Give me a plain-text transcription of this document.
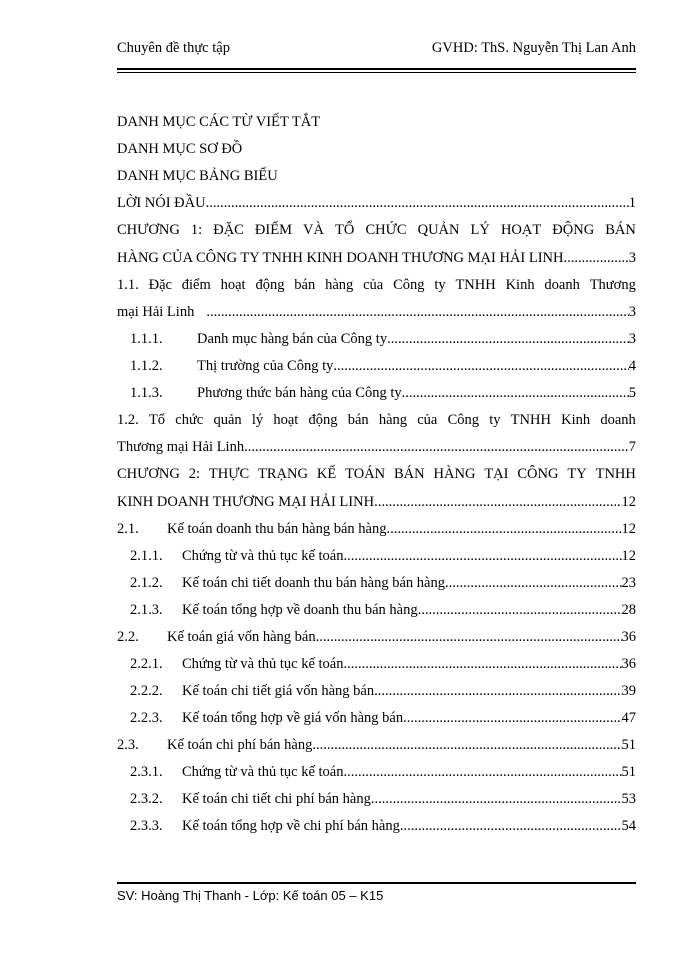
Chuyên đề thực tập	GVHD: ThS. Nguyễn Thị Lan Anh
DANH MỤC CÁC TỪ VIẾT TẮT
DANH MỤC SƠ ĐỒ
DANH MỤC BẢNG BIỂU
LỜI NÓI ĐẦU .....	1
CHƯƠNG 1: ĐẶC ĐIỂM VÀ TỔ CHỨC QUẢN LÝ HOẠT ĐỘNG BÁN
HÀNG CỦA CÔNG TY TNHH KINH DOANH THƯƠNG MẠI HẢI LINH .....	3
1.1. Đặc điểm hoạt động bán hàng của Công ty TNHH Kinh doanh Thương
mại Hải Linh .....	3
1.1.1.	Danh mục hàng bán của Công ty .....	3
1.1.2.	Thị trường của Công ty .....	4
1.1.3.	Phương thức bán hàng của Công ty .....	5
1.2. Tổ chức quản lý hoạt động bán hàng của Công ty TNHH Kinh doanh
Thương mại Hải Linh .....	7
CHƯƠNG 2: THỰC TRẠNG KẾ TOÁN BÁN HÀNG TẠI CÔNG TY TNHH
KINH DOANH THƯƠNG MẠI HẢI LINH .....	12
2.1.	Kế toán doanh thu bán hàng bán hàng .....	12
2.1.1.	Chứng từ và thủ tục kế toán .....	12
2.1.2.	Kế toán chi tiết doanh thu bán hàng bán hàng .....	23
2.1.3.	Kế toán tổng hợp về doanh thu bán hàng .....	28
2.2.	Kế toán giá vốn hàng bán .....	36
2.2.1.	Chứng từ và thủ tục kế toán .....	36
2.2.2.	Kế toán chi tiết giá vốn hàng bán .....	39
2.2.3.	Kế toán tổng hợp về giá vốn hàng bán .....	47
2.3.	Kế toán chi phí bán hàng .....	51
2.3.1.	Chứng từ và thủ tục kế toán .....	51
2.3.2.	Kế toán chi tiết chi phí bán hàng .....	53
2.3.3.	Kế toán tổng hợp về chi phí bán hàng .....	54
SV: Hoàng Thị Thanh - Lớp: Kế toán 05 – K15
